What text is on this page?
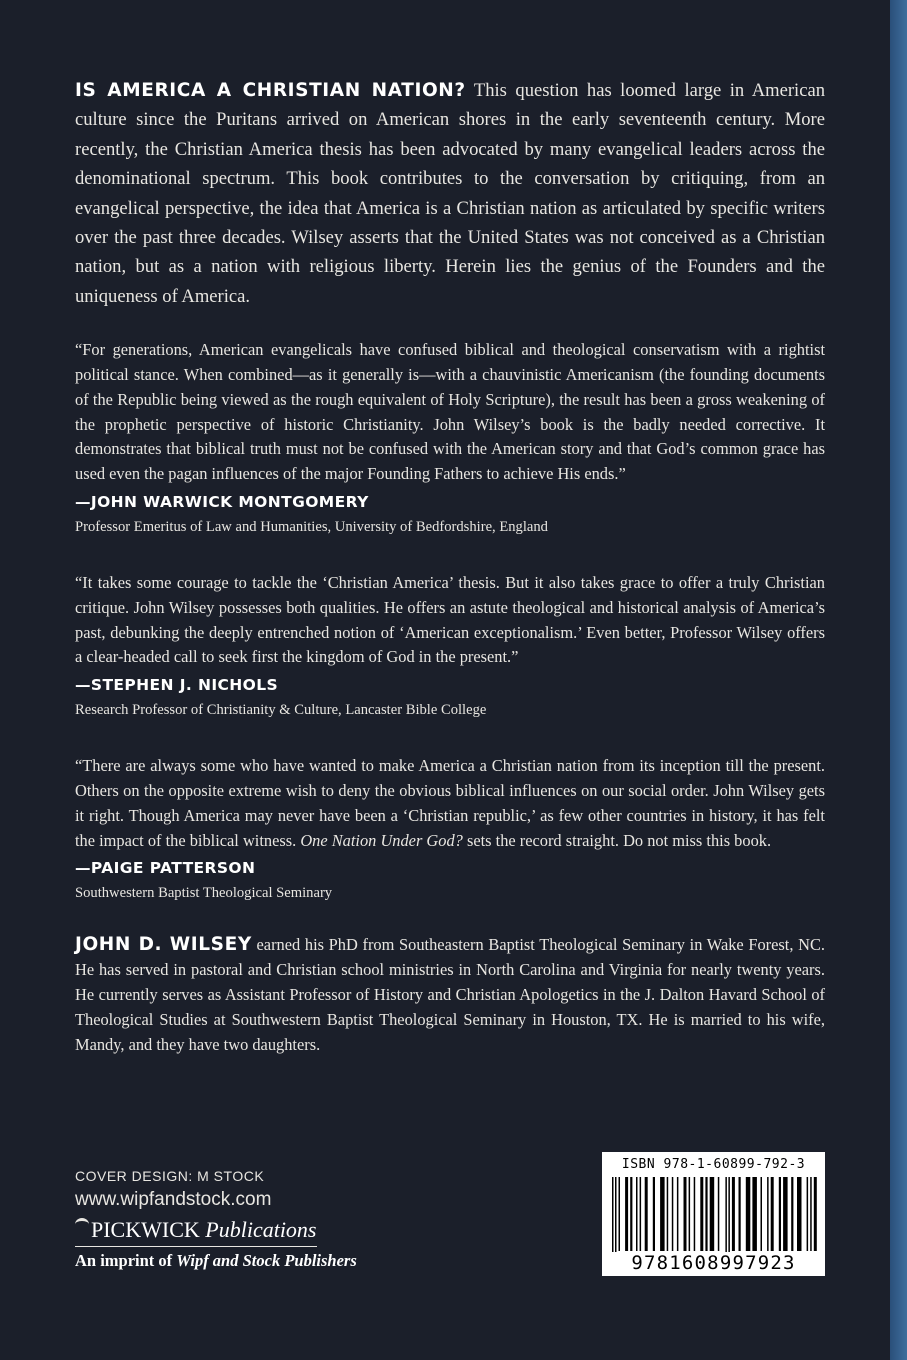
IS AMERICA A CHRISTIAN NATION? This question has loomed large in American culture since the Puritans arrived on American shores in the early seventeenth century. More recently, the Christian America thesis has been advocated by many evangelical leaders across the denominational spectrum. This book contributes to the conversation by critiquing, from an evangelical perspective, the idea that America is a Christian nation as articulated by specific writers over the past three decades. Wilsey asserts that the United States was not conceived as a Christian nation, but as a nation with religious liberty. Herein lies the genius of the Founders and the uniqueness of America.

“For generations, American evangelicals have confused biblical and theological conservatism with a rightist political stance. When combined—as it generally is—with a chauvinistic Americanism (the founding documents of the Republic being viewed as the rough equivalent of Holy Scripture), the result has been a gross weakening of the prophetic perspective of historic Christianity. John Wilsey’s book is the badly needed corrective. It demonstrates that biblical truth must not be confused with the American story and that God’s common grace has used even the pagan influences of the major Founding Fathers to achieve His ends.”

—JOHN WARWICK MONTGOMERY

Professor Emeritus of Law and Humanities, University of Bedfordshire, England

“It takes some courage to tackle the ‘Christian America’ thesis. But it also takes grace to offer a truly Christian critique. John Wilsey possesses both qualities. He offers an astute theological and historical analysis of America’s past, debunking the deeply entrenched notion of ‘American exceptionalism.’ Even better, Professor Wilsey offers a clear-headed call to seek first the kingdom of God in the present.”

—STEPHEN J. NICHOLS

Research Professor of Christianity & Culture, Lancaster Bible College

“There are always some who have wanted to make America a Christian nation from its inception till the present. Others on the opposite extreme wish to deny the obvious biblical influences on our social order. John Wilsey gets it right. Though America may never have been a ‘Christian republic,’ as few other countries in history, it has felt the impact of the biblical witness. One Nation Under God? sets the record straight. Do not miss this book.

—PAIGE PATTERSON

Southwestern Baptist Theological Seminary

JOHN D. WILSEY earned his PhD from Southeastern Baptist Theological Seminary in Wake Forest, NC. He has served in pastoral and Christian school ministries in North Carolina and Virginia for nearly twenty years. He currently serves as Assistant Professor of History and Christian Apologetics in the J. Dalton Havard School of Theological Studies at Southwestern Baptist Theological Seminary in Houston, TX. He is married to his wife, Mandy, and they have two daughters.

COVER DESIGN: M STOCK
www.wipfandstock.com
PICKWICK Publications
An imprint of Wipf and Stock Publishers
ISBN 978-1-60899-792-3
9781608997923
